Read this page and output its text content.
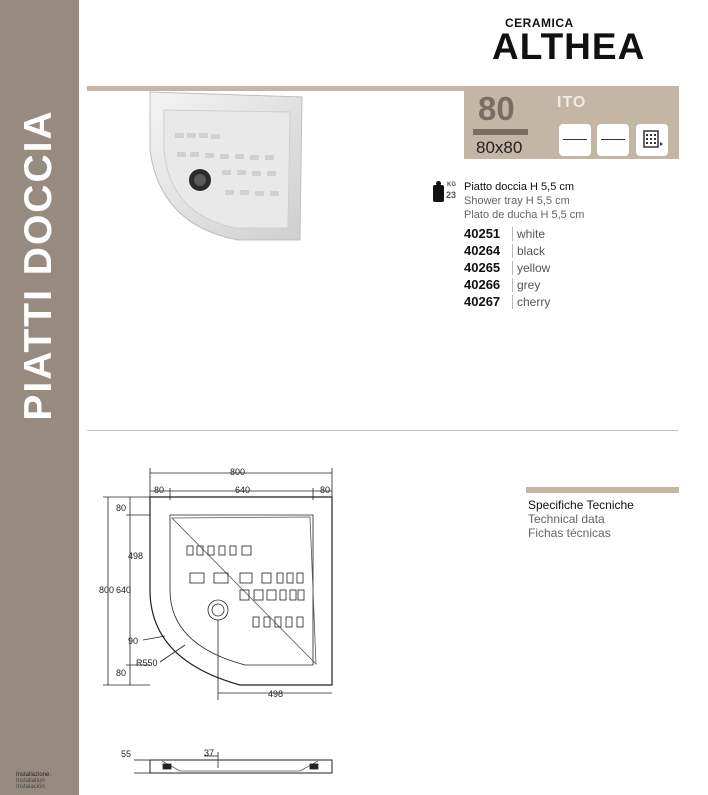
PIATTI DOCCIA
Installazione:
Installation
Instalación
CERAMICA
ALTHEA
80
80x80
ITO
KG
23
Piatto doccia H 5,5 cm
Shower tray H 5,5 cm
Plato de ducha H 5,5 cm
40251 white
40264 black
40265 yellow
40266 grey
40267 cherry
Specifiche Tecniche
Technical data
Fichas técnicas
800
80	640	80
80
498
800 640
80
90
R550
498
55	37
